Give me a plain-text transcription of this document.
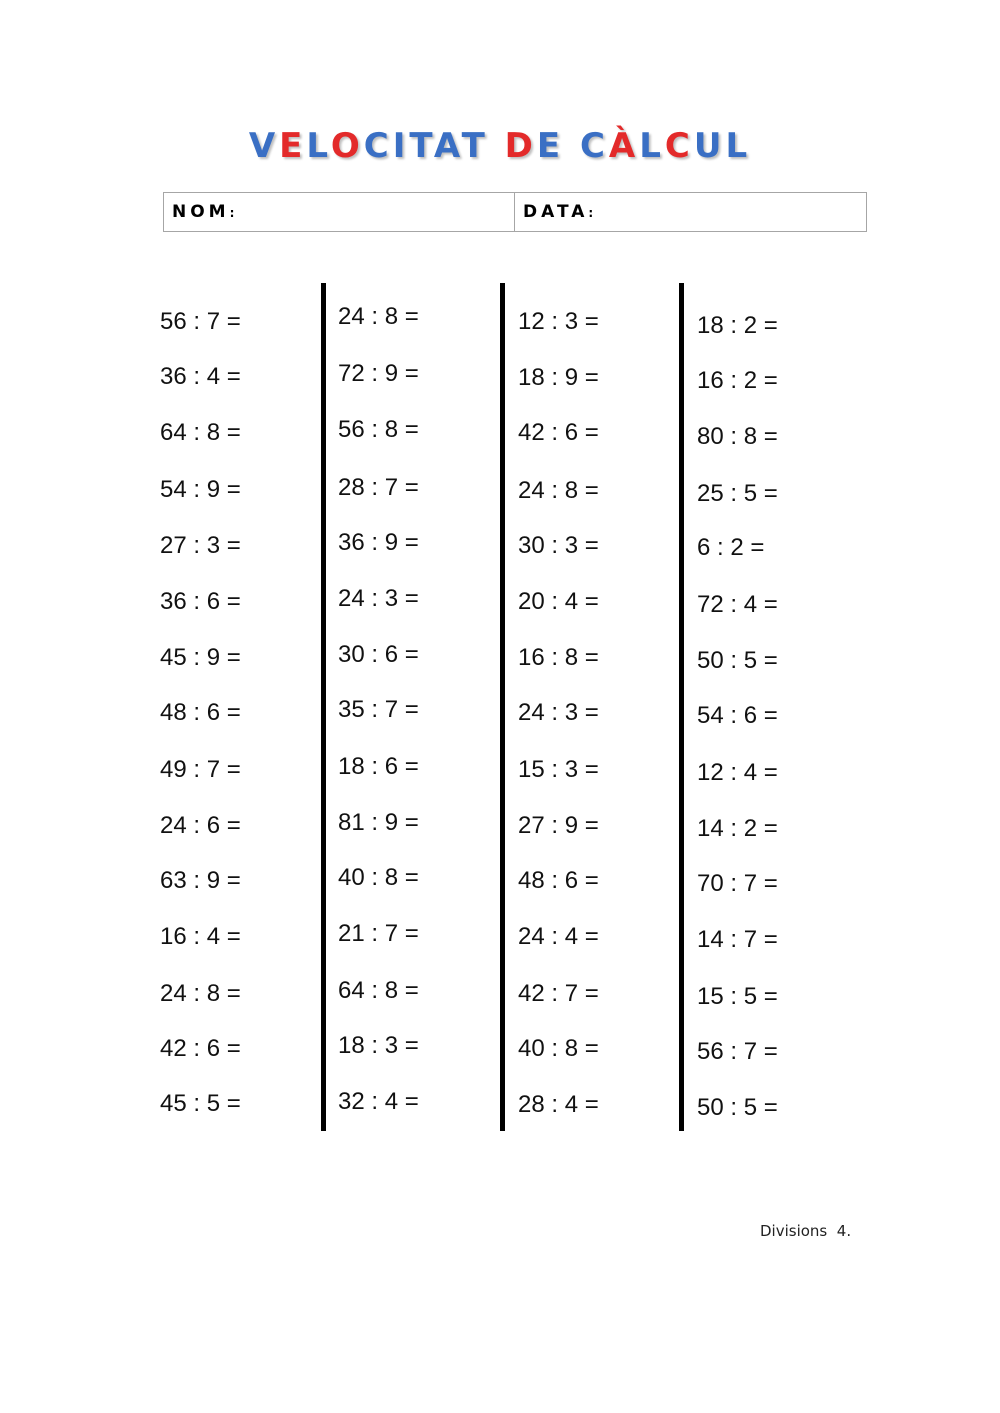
VELOCITAT DE CÀLCUL
NOM:	DATA:
56 : 7 =
36 : 4 =
64 : 8 =
54 : 9 =
27 : 3 =
36 : 6 =
45 : 9 =
48 : 6 =
49 : 7 =
24 : 6 =
63 : 9 =
16 : 4 =
24 : 8 =
42 : 6 =
45 : 5 =
24 : 8 =
72 : 9 =
56 : 8 =
28 : 7 =
36 : 9 =
24 : 3 =
30 : 6 =
35 : 7 =
18 : 6 =
81 : 9 =
40 : 8 =
21 : 7 =
64 : 8 =
18 : 3 =
32 : 4 =
12 : 3 =
18 : 9 =
42 : 6 =
24 : 8 =
30 : 3 =
20 : 4 =
16 : 8 =
24 : 3 =
15 : 3 =
27 : 9 =
48 : 6 =
24 : 4 =
42 : 7 =
40 : 8 =
28 : 4 =
18 : 2 =
16 : 2 =
80 : 8 =
25 : 5 =
6 : 2 =
72 : 4 =
50 : 5 =
54 : 6 =
12 : 4 =
14 : 2 =
70 : 7 =
14 : 7 =
15 : 5 =
56 : 7 =
50 : 5 =
Divisions  4.
